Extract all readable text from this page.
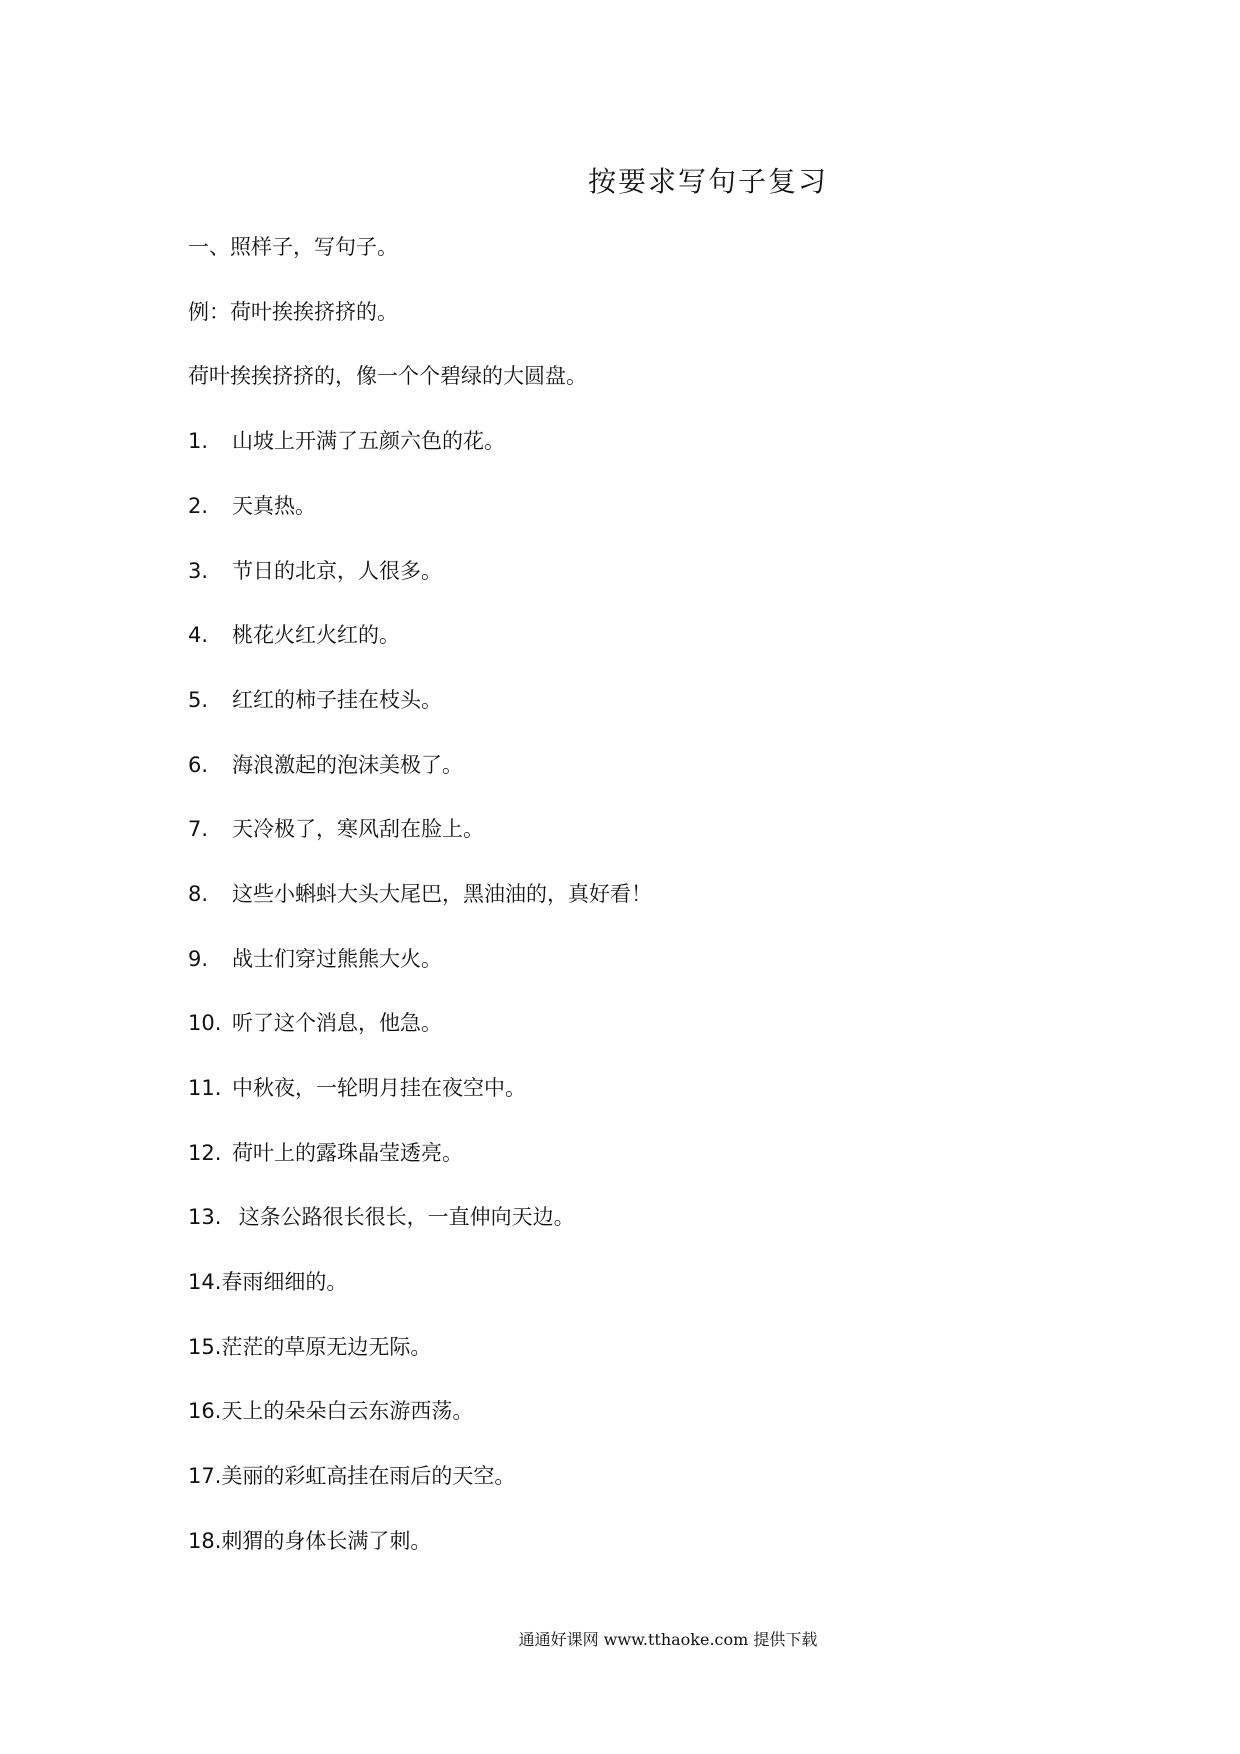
按要求写句子复习
一、照样子，写句子。
例：荷叶挨挨挤挤的。
荷叶挨挨挤挤的，像一个个碧绿的大圆盘。
1. 山坡上开满了五颜六色的花。
2. 天真热。
3. 节日的北京，人很多。
4. 桃花火红火红的。
5. 红红的柿子挂在枝头。
6. 海浪激起的泡沫美极了。
7. 天冷极了，寒风刮在脸上。
8. 这些小蝌蚪大头大尾巴，黑油油的，真好看！
9. 战士们穿过熊熊大火。
10. 听了这个消息，他急。
11. 中秋夜，一轮明月挂在夜空中。
12. 荷叶上的露珠晶莹透亮。
13. 这条公路很长很长，一直伸向天边。
14.春雨细细的。
15.茫茫的草原无边无际。
16.天上的朵朵白云东游西荡。
17.美丽的彩虹高挂在雨后的天空。
18.刺猬的身体长满了刺。
通通好课网 www.tthaoke.com 提供下载
